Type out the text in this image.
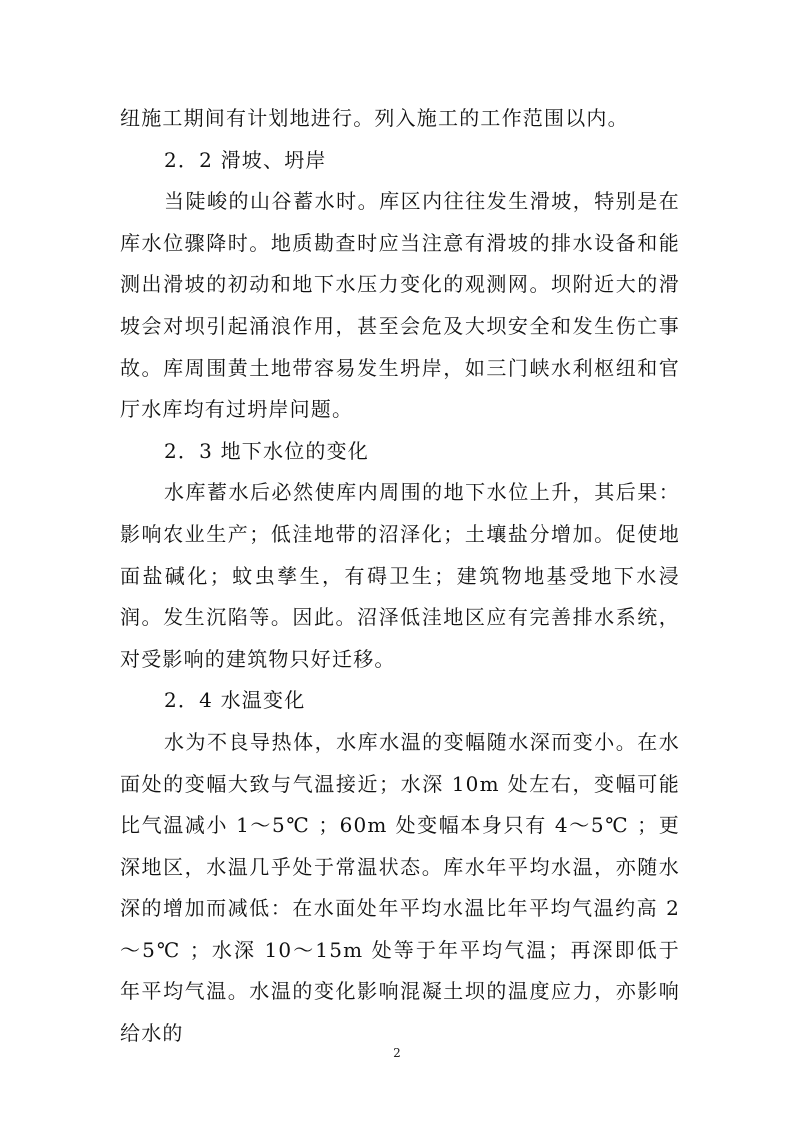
纽施工期间有计划地进行。列入施工的工作范围以内。

2．2 滑坡、坍岸

当陡峻的山谷蓄水时。库区内往往发生滑坡，特别是在库水位骤降时。地质勘查时应当注意有滑坡的排水设备和能测出滑坡的初动和地下水压力变化的观测网。坝附近大的滑坡会对坝引起涌浪作用，甚至会危及大坝安全和发生伤亡事故。库周围黄土地带容易发生坍岸，如三门峡水利枢纽和官厅水库均有过坍岸问题。

2．3 地下水位的变化

水库蓄水后必然使库内周围的地下水位上升，其后果：影响农业生产；低洼地带的沼泽化；土壤盐分增加。促使地面盐碱化；蚊虫孳生，有碍卫生；建筑物地基受地下水浸润。发生沉陷等。因此。沼泽低洼地区应有完善排水系统，对受影响的建筑物只好迁移。

2．4 水温变化

水为不良导热体，水库水温的变幅随水深而变小。在水面处的变幅大致与气温接近；水深 10m 处左右，变幅可能比气温减小 1～5℃ ；60m 处变幅本身只有 4～5℃ ；更深地区，水温几乎处于常温状态。库水年平均水温，亦随水深的增加而减低：在水面处年平均水温比年平均气温约高 2～5℃ ；水深 10～15m 处等于年平均气温；再深即低于年平均气温。水温的变化影响混凝土坝的温度应力，亦影响给水的

2
